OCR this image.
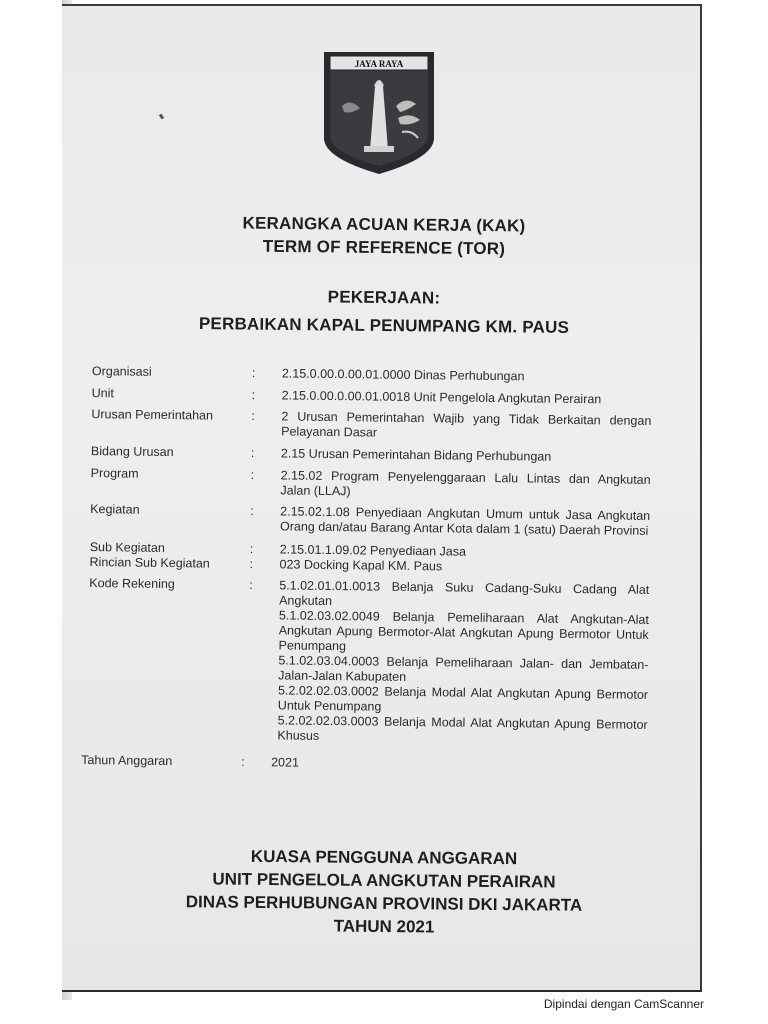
JAYA RAYA
KERANGKA ACUAN KERJA (KAK)
TERM OF REFERENCE (TOR)
PEKERJAAN:
PERBAIKAN KAPAL PENUMPANG KM. PAUS
Organisasi	: 2.15.0.00.0.00.01.0000 Dinas Perhubungan
Unit	: 2.15.0.00.0.00.01.0018 Unit Pengelola Angkutan Perairan
Urusan Pemerintahan	: 2 Urusan Pemerintahan Wajib yang Tidak Berkaitan dengan Pelayanan Dasar
Bidang Urusan	: 2.15 Urusan Pemerintahan Bidang Perhubungan
Program	: 2.15.02 Program Penyelenggaraan Lalu Lintas dan Angkutan Jalan (LLAJ)
Kegiatan	: 2.15.02.1.08 Penyediaan Angkutan Umum untuk Jasa Angkutan Orang dan/atau Barang Antar Kota dalam 1 (satu) Daerah Provinsi
Sub Kegiatan	: 2.15.01.1.09.02 Penyediaan Jasa
Rincian Sub Kegiatan	: 023 Docking Kapal KM. Paus
Kode Rekening	: 5.1.02.01.01.0013 Belanja Suku Cadang-Suku Cadang Alat Angkutan
5.1.02.03.02.0049 Belanja Pemeliharaan Alat Angkutan-Alat Angkutan Apung Bermotor-Alat Angkutan Apung Bermotor Untuk Penumpang
5.1.02.03.04.0003 Belanja Pemeliharaan Jalan- dan Jembatan-Jalan-Jalan Kabupaten
5.2.02.02.03.0002 Belanja Modal Alat Angkutan Apung Bermotor Untuk Penumpang
5.2.02.02.03.0003 Belanja Modal Alat Angkutan Apung Bermotor Khusus
Tahun Anggaran	: 2021
KUASA PENGGUNA ANGGARAN
UNIT PENGELOLA ANGKUTAN PERAIRAN
DINAS PERHUBUNGAN PROVINSI DKI JAKARTA
TAHUN 2021
Dipindai dengan CamScanner
